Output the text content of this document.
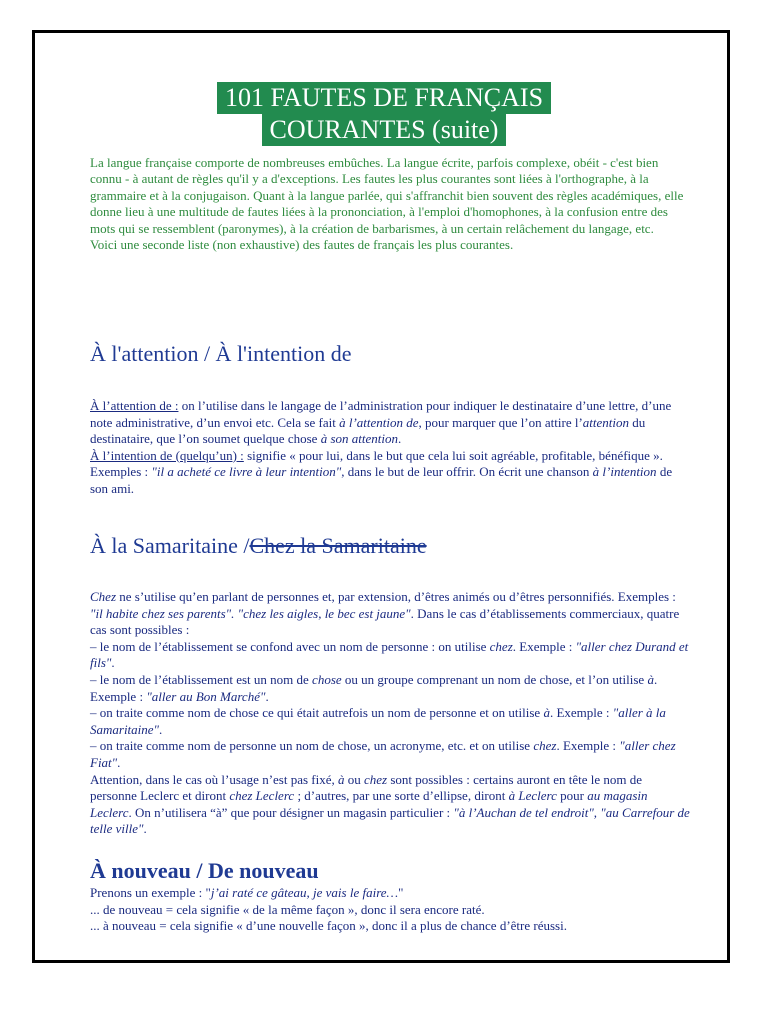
101 FAUTES DE FRANÇAIS
COURANTES (suite)

La langue française comporte de nombreuses embûches. La langue écrite, parfois complexe, obéit - c'est bien connu - à autant de règles qu'il y a d'exceptions. Les fautes les plus courantes sont liées à l'orthographe, à la grammaire et à la conjugaison. Quant à la langue parlée, qui s'affranchit bien souvent des règles académiques, elle donne lieu à une multitude de fautes liées à la prononciation, à l'emploi d'homophones, à la confusion entre des mots qui se ressemblent (paronymes), à la création de barbarismes, à un certain relâchement du langage, etc.

Voici une seconde liste (non exhaustive) des fautes de français les plus courantes.

À l'attention / À l'intention de

À l’attention de : on l’utilise dans le langage de l’administration pour indiquer le destinataire d’une lettre, d’une note administrative, d’un envoi etc. Cela se fait à l’attention de, pour marquer que l’on attire l’attention du destinataire, que l’on soumet quelque chose à son attention.

À l’intention de (quelqu’un) : signifie « pour lui, dans le but que cela lui soit agréable, profitable, bénéfique ». Exemples : "il a acheté ce livre à leur intention", dans le but de leur offrir. On écrit une chanson à l’intention de son ami.

À la Samaritaine /Chez la Samaritaine

Chez ne s’utilise qu’en parlant de personnes et, par extension, d’êtres animés ou d’êtres personnifiés. Exemples : "il habite chez ses parents". "chez les aigles, le bec est jaune". Dans le cas d’établissements commerciaux, quatre cas sont possibles :

– le nom de l’établissement se confond avec un nom de personne : on utilise chez. Exemple : "aller chez Durand et fils".

– le nom de l’établissement est un nom de chose ou un groupe comprenant un nom de chose, et l’on utilise à. Exemple : "aller au Bon Marché".

– on traite comme nom de chose ce qui était autrefois un nom de personne et on utilise à. Exemple : "aller à la Samaritaine".

– on traite comme nom de personne un nom de chose, un acronyme, etc. et on utilise chez. Exemple : "aller chez Fiat".

Attention, dans le cas où l’usage n’est pas fixé, à ou chez sont possibles : certains auront en tête le nom de personne Leclerc et diront chez Leclerc ; d’autres, par une sorte d’ellipse, diront à Leclerc pour au magasin Leclerc. On n’utilisera “à” que pour désigner un magasin particulier : "à l’Auchan de tel endroit", "au Carrefour de telle ville".

À nouveau / De nouveau

Prenons un exemple : "j’ai raté ce gâteau, je vais le faire…"

... de nouveau = cela signifie « de la même façon », donc il sera encore raté.

... à nouveau = cela signifie « d’une nouvelle façon », donc il a plus de chance d’être réussi.
